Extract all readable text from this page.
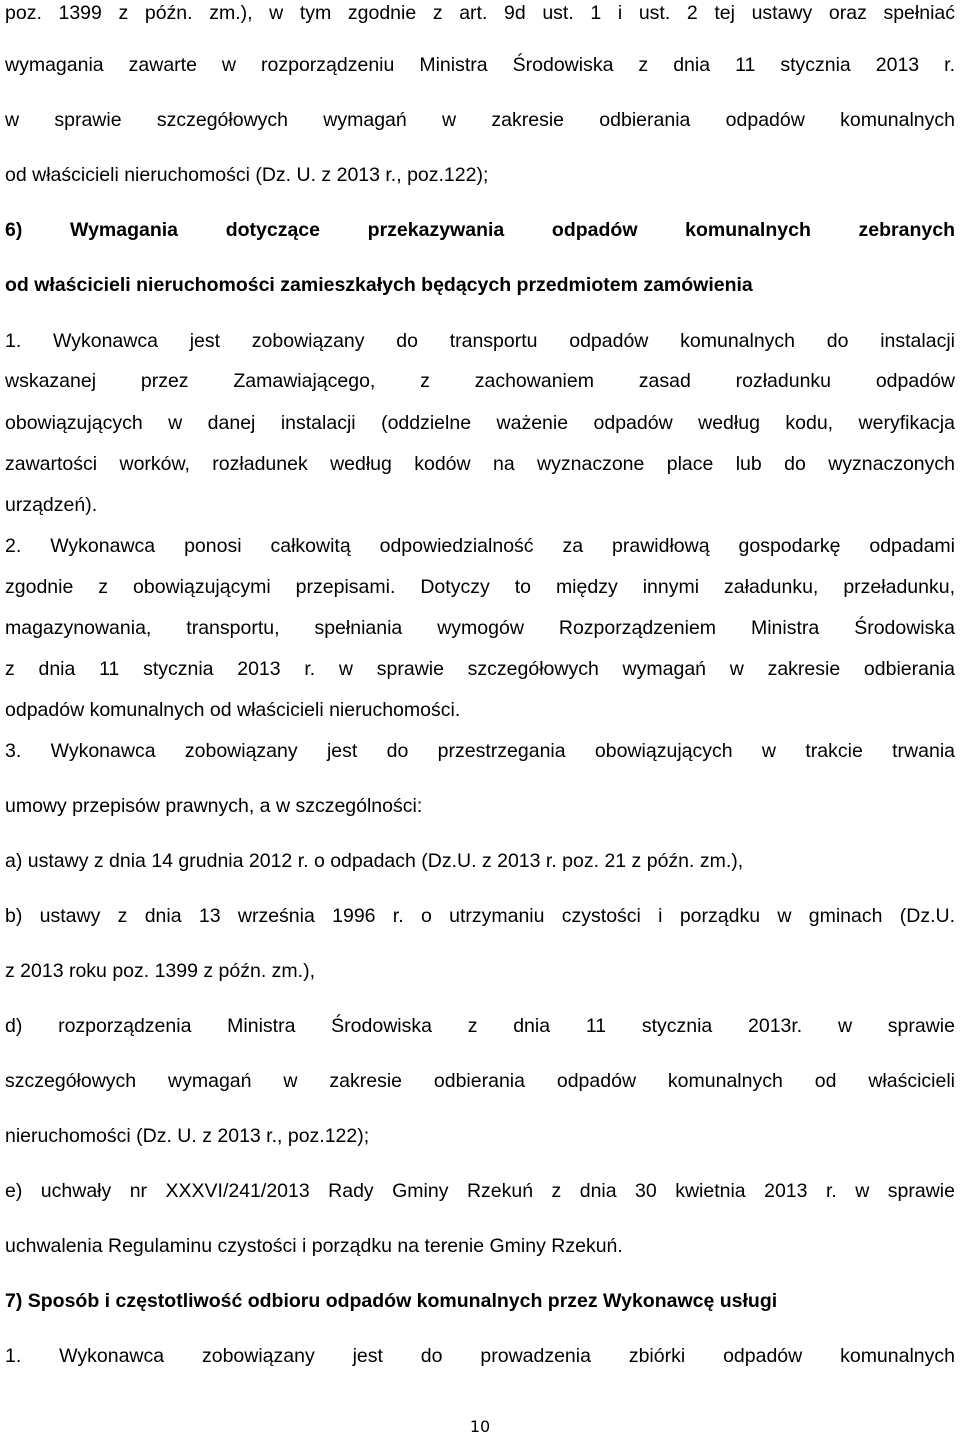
poz. 1399 z późn. zm.), w tym zgodnie z art. 9d ust. 1 i ust. 2 tej ustawy oraz spełniać
wymagania zawarte w rozporządzeniu Ministra Środowiska z dnia 11 stycznia 2013 r.
w sprawie szczegółowych wymagań w zakresie odbierania odpadów komunalnych
od właścicieli nieruchomości (Dz. U. z 2013 r., poz.122);
6) Wymagania dotyczące przekazywania odpadów komunalnych zebranych
od właścicieli nieruchomości zamieszkałych będących przedmiotem zamówienia
1. Wykonawca jest zobowiązany do transportu odpadów komunalnych do instalacji
wskazanej przez Zamawiającego, z zachowaniem zasad rozładunku odpadów
obowiązujących w danej instalacji (oddzielne ważenie odpadów według kodu, weryfikacja
zawartości worków, rozładunek według kodów na wyznaczone place lub do wyznaczonych
urządzeń).
2. Wykonawca ponosi całkowitą odpowiedzialność za prawidłową gospodarkę odpadami
zgodnie z obowiązującymi przepisami. Dotyczy to między innymi załadunku, przeładunku,
magazynowania, transportu, spełniania wymogów Rozporządzeniem Ministra Środowiska
z dnia 11 stycznia 2013 r. w sprawie szczegółowych wymagań w zakresie odbierania
odpadów komunalnych od właścicieli nieruchomości.
3. Wykonawca zobowiązany jest do przestrzegania obowiązujących w trakcie trwania
umowy przepisów prawnych, a w szczególności:
a) ustawy z dnia 14 grudnia 2012 r. o odpadach (Dz.U. z 2013 r. poz. 21 z późn. zm.),
b) ustawy z dnia 13 września 1996 r. o utrzymaniu czystości i porządku w gminach (Dz.U.
z 2013 roku poz. 1399 z późn. zm.),
d) rozporządzenia Ministra Środowiska z dnia 11 stycznia 2013r. w sprawie
szczegółowych wymagań w zakresie odbierania odpadów komunalnych od właścicieli
nieruchomości (Dz. U. z 2013 r., poz.122);
e) uchwały nr XXXVI/241/2013 Rady Gminy Rzekuń z dnia 30 kwietnia 2013 r. w sprawie
uchwalenia Regulaminu czystości i porządku na terenie Gminy Rzekuń.
7) Sposób i częstotliwość odbioru odpadów komunalnych przez Wykonawcę usługi
1. Wykonawca zobowiązany jest do prowadzenia zbiórki odpadów komunalnych
10
